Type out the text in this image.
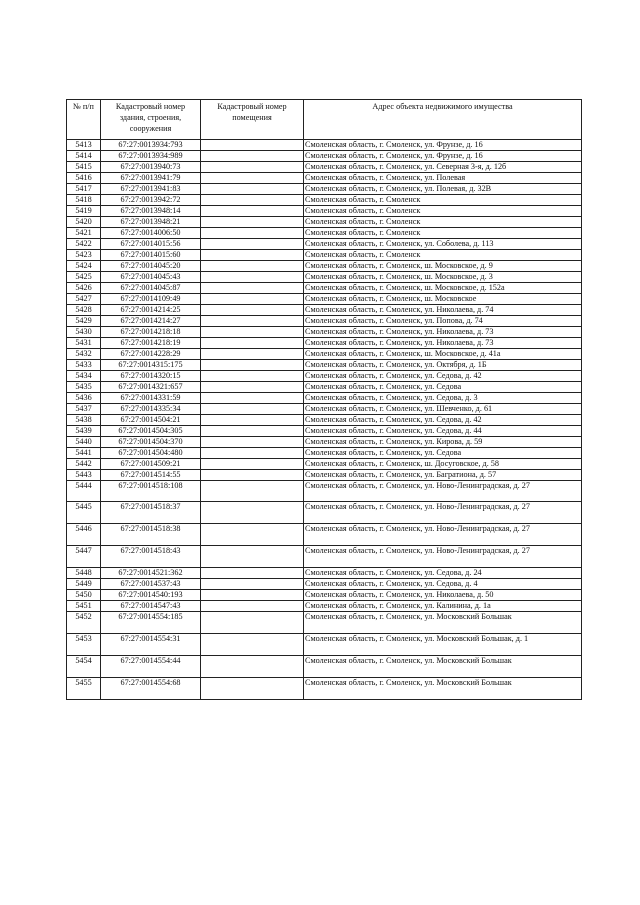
№ п/п	Кадастровый номер здания, строения, сооружения	Кадастровый номер помещения	Адрес объекта недвижимого имущества
5413	67:27:0013934:793		Смоленская область, г. Смоленск, ул. Фрунзе, д. 16
5414	67:27:0013934:989		Смоленская область, г. Смоленск, ул. Фрунзе, д. 16
5415	67:27:0013940:73		Смоленская область, г. Смоленск, ул. Северная 3-я, д. 12б
5416	67:27:0013941:79		Смоленская область, г. Смоленск, ул. Полевая
5417	67:27:0013941:83		Смоленская область, г. Смоленск, ул. Полевая, д. 32В
5418	67:27:0013942:72		Смоленская область, г. Смоленск
5419	67:27:0013948:14		Смоленская область, г. Смоленск
5420	67:27:0013948:21		Смоленская область, г. Смоленск
5421	67:27:0014006:50		Смоленская область, г. Смоленск
5422	67:27:0014015:56		Смоленская область, г. Смоленск, ул. Соболева, д. 113
5423	67:27:0014015:60		Смоленская область, г. Смоленск
5424	67:27:0014045:20		Смоленская область, г. Смоленск, ш. Московское, д. 9
5425	67:27:0014045:43		Смоленская область, г. Смоленск, ш. Московское, д. 3
5426	67:27:0014045:87		Смоленская область, г. Смоленск, ш. Московское, д. 152а
5427	67:27:0014109:49		Смоленская область, г. Смоленск, ш. Московское
5428	67:27:0014214:25		Смоленская область, г. Смоленск, ул. Николаева, д. 74
5429	67:27:0014214:27		Смоленская область, г. Смоленск, ул. Попова, д. 74
5430	67:27:0014218:18		Смоленская область, г. Смоленск, ул. Николаева, д. 73
5431	67:27:0014218:19		Смоленская область, г. Смоленск, ул. Николаева, д. 73
5432	67:27:0014228:29		Смоленская область, г. Смоленск, ш. Московское, д. 41а
5433	67:27:0014315:175		Смоленская область, г. Смоленск, ул. Октября, д. 1Б
5434	67:27:0014320:15		Смоленская область, г. Смоленск, ул. Седова, д. 42
5435	67:27:0014321:657		Смоленская область, г. Смоленск, ул. Седова
5436	67:27:0014331:59		Смоленская область, г. Смоленск, ул. Седова, д. 3
5437	67:27:0014335:34		Смоленская область, г. Смоленск, ул. Шевченко, д. 61
5438	67:27:0014504:21		Смоленская область, г. Смоленск, ул. Седова, д. 42
5439	67:27:0014504:305		Смоленская область, г. Смоленск, ул. Седова, д. 44
5440	67:27:0014504:370		Смоленская область, г. Смоленск, ул. Кирова, д. 59
5441	67:27:0014504:480		Смоленская область, г. Смоленск, ул. Седова
5442	67:27:0014509:21		Смоленская область, г. Смоленск, ш. Досуговское, д. 58
5443	67:27:0014514:55		Смоленская область, г. Смоленск, ул. Багратиона, д. 57
5444	67:27:0014518:108		Смоленская область, г. Смоленск, ул. Ново-Ленинградская, д. 27
5445	67:27:0014518:37		Смоленская область, г. Смоленск, ул. Ново-Ленинградская, д. 27
5446	67:27:0014518:38		Смоленская область, г. Смоленск, ул. Ново-Ленинградская, д. 27
5447	67:27:0014518:43		Смоленская область, г. Смоленск, ул. Ново-Ленинградская, д. 27
5448	67:27:0014521:362		Смоленская область, г. Смоленск, ул. Седова, д. 24
5449	67:27:0014537:43		Смоленская область, г. Смоленск, ул. Седова, д. 4
5450	67:27:0014540:193		Смоленская область, г. Смоленск, ул. Николаева, д. 50
5451	67:27:0014547:43		Смоленская область, г. Смоленск, ул. Калинина, д. 1а
5452	67:27:0014554:185		Смоленская область, г. Смоленск, ул. Московский Большак
5453	67:27:0014554:31		Смоленская область, г. Смоленск, ул. Московский Большак, д. 1
5454	67:27:0014554:44		Смоленская область, г. Смоленск, ул. Московский Большак
5455	67:27:0014554:68		Смоленская область, г. Смоленск, ул. Московский Большак
